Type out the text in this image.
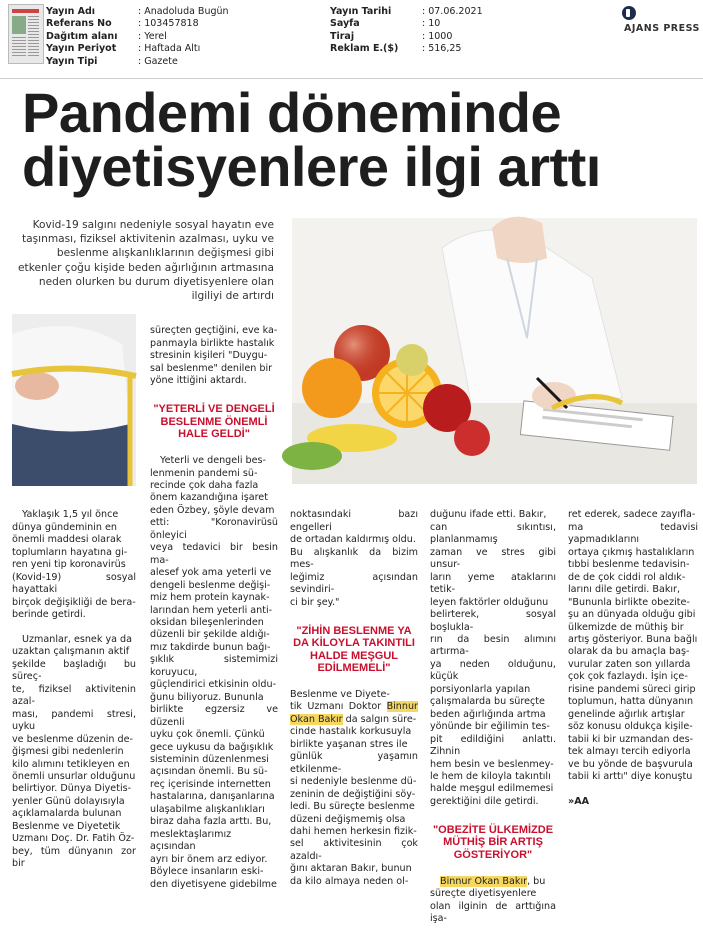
Yayın Adı	: Anadoluda Bugün
Referans No	: 103457818
Dağıtım alanı	: Yerel
Yayın Periyot	: Haftada Altı
Yayın Tipi	: Gazete
Yayın Tarihi	: 07.06.2021
Sayfa	: 10
Tiraj	: 1000
Reklam E.($)	: 516,25
AJANS PRESS
Pandemi döneminde
diyetisyenlere ilgi arttı
Kovid-19 salgını nedeniyle sosyal hayatın eve taşınması, fiziksel aktivitenin azalması, uyku ve beslenme alışkanlıklarının değişmesi gibi etkenler çoğu kişide beden ağırlığının artmasına neden olurken bu durum diyetisyenlere olan ilgiliyi de artırdı

Yaklaşık 1,5 yıl önce
dünya gündeminin en
önemli maddesi olarak
toplumların hayatına gi-
ren yeni tip koronavirüs
(Kovid-19) sosyal hayattaki
birçok değişikliği de bera-
berinde getirdi.

Uzmanlar, esnek ya da
uzaktan çalışmanın aktif
şekilde başladığı bu süreç-
te, fiziksel aktivitenin azal-
ması, pandemi stresi, uyku
ve beslenme düzenin de-
ğişmesi gibi nedenlerin
kilo alımını tetikleyen en
önemli unsurlar olduğunu
belirtiyor. Dünya Diyetis-
yenler Günü dolayısıyla
açıklamalarda bulunan
Beslenme ve Diyetetik
Uzmanı Doç. Dr. Fatih Öz-
bey, tüm dünyanın zor bir

süreçten geçtiğini, eve ka-
panmayla birlikte hastalık
stresinin kişileri "Duygu-
sal beslenme" denilen bir
yöne ittiğini aktardı.

"YETERLİ VE DENGELİ BESLENME ÖNEMLİ HALE GELDİ"

Yeterli ve dengeli bes-
lenmenin pandemi sü-
recinde çok daha fazla
önem kazandığına işaret
eden Özbey, şöyle devam
etti: "Koronavirüsü önleyici
veya tedavici bir besin ma-
alesef yok ama yeterli ve
dengeli beslenme değişi-
miz hem protein kaynak-
larından hem yeterli anti-
oksidan bileşenlerinden
düzenli bir şekilde aldığı-
mız takdirde bunun bağı-
şıklık sistemimizi koruyucu,
güçlendirici etkisinin oldu-
ğunu biliyoruz. Bununla
birlikte egzersiz ve düzenli
uyku çok önemli. Çünkü
gece uykusu da bağışıklık
sisteminin düzenlenmesi
açısından önemli. Bu sü-
reç içerisinde internetten
hastalarına, danışanlarına
ulaşabilme alışkanlıkları
biraz daha fazla arttı. Bu,
meslektaşlarımız açısından
ayrı bir önem arz ediyor.
Böylece insanların eski-
den diyetisyene gidebilme

noktasındaki bazı engelleri
de ortadan kaldırmış oldu.
Bu alışkanlık da bizim mes-
leğimiz açısından sevindiri-
ci bir şey."

"ZİHİN BESLENME YA DA KİLOYLA TAKINTILI HALDE MEŞGUL EDİLMEMELİ"

Beslenme ve Diyete-
tik Uzmanı Doktor Binnur Okan Bakır da salgın süre-
cinde hastalık korkusuyla
birlikte yaşanan stres ile
günlük yaşamın etkilenme-
si nedeniyle beslenme dü-
zeninin de değiştiğini söy-
ledi. Bu süreçte beslenme
düzeni değişmemiş olsa
dahi hemen herkesin fizik-
sel aktivitesinin çok azaldı-
ğını aktaran Bakır, bunun
da kilo almaya neden ol-

duğunu ifade etti. Bakır,
can sıkıntısı, planlanmamış
zaman ve stres gibi unsur-
ların yeme ataklarını tetik-
leyen faktörler olduğunu
belirterek, sosyal boşlukla-
rın da besin alımını artırma-
ya neden olduğunu, küçük
porsiyonlarla yapılan
çalışmalarda bu süreçte
beden ağırlığında artma
yönünde bir eğilimin tes-
pit edildiğini anlattı. Zihnin
hem besin ve beslenmey-
le hem de kiloyla takıntılı
halde meşgul edilmemesi
gerektiğini dile getirdi.

"OBEZİTE ÜLKEMİZDE MÜTHİŞ BİR ARTIŞ GÖSTERİYOR"

Binnur Okan Bakır, bu
süreçte diyetisyenlere
olan ilginin de arttığına işa-

ret ederek, sadece zayıfla-
ma tedavisi yapmadıklarını
ortaya çıkmış hastalıkların
tıbbi beslenme tedavisin-
de de çok ciddi rol aldık-
larını dile getirdi. Bakır,
"Bununla birlikte obezite-
şu an dünyada olduğu gibi
ülkemizde de müthiş bir
artış gösteriyor. Buna bağlı
olarak da bu amaçla baş-
vurular zaten son yıllarda
çok çok fazlaydı. İşin içe-
risine pandemi süreci girip
toplumun, hatta dünyanın
genelinde ağırlık artışlar
söz konusu oldukça kişile-
tabii ki bir uzmandan des-
tek almayı tercih ediyorla
ve bu yönde de başvurula
tabii ki arttı" diye konuştu

»AA
